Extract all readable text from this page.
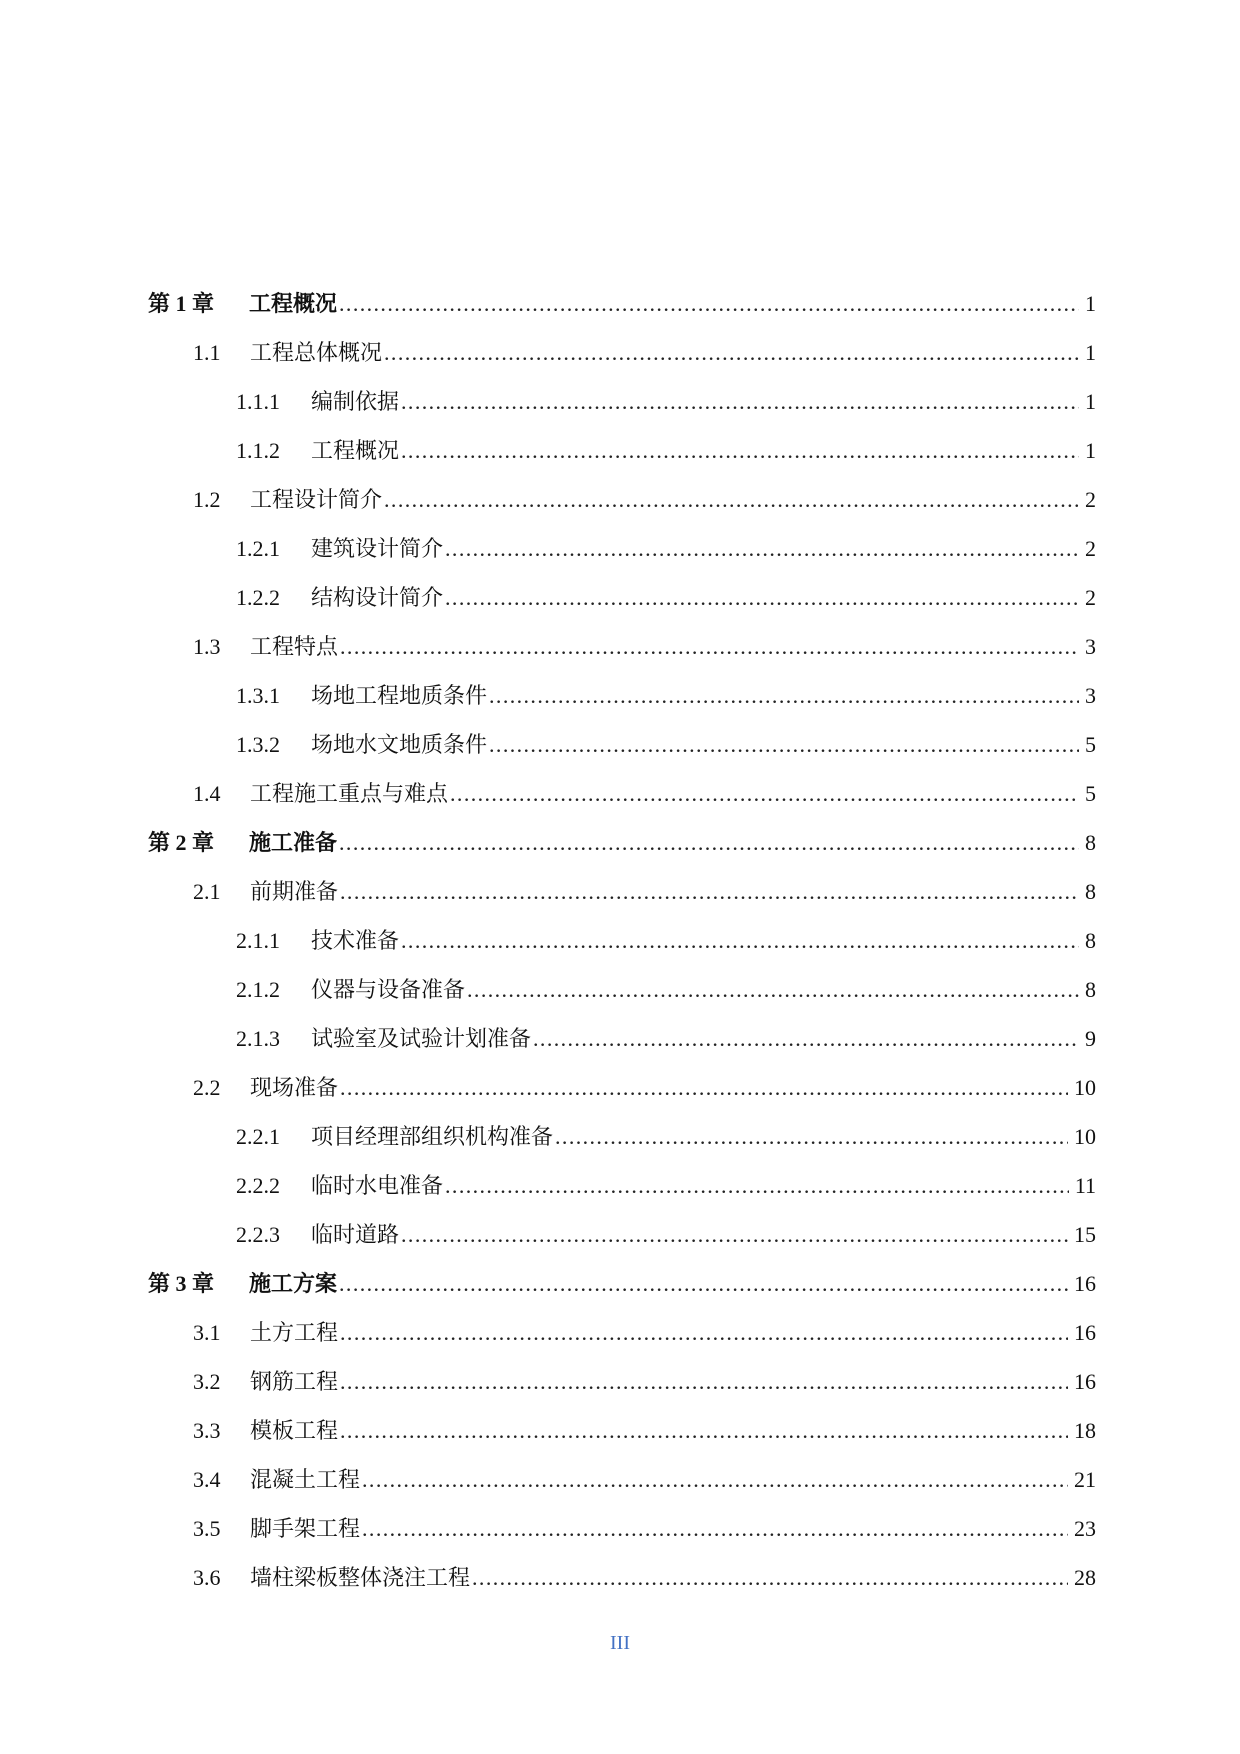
第 1 章 工程概况 .....	1
1.1 工程总体概况 .....	1
1.1.1 编制依据 .....	1
1.1.2 工程概况 .....	1
1.2 工程设计简介 .....	2
1.2.1 建筑设计简介 .....	2
1.2.2 结构设计简介 .....	2
1.3 工程特点 .....	3
1.3.1 场地工程地质条件 .....	3
1.3.2 场地水文地质条件 .....	5
1.4 工程施工重点与难点 .....	5
第 2 章 施工准备 .....	8
2.1 前期准备 .....	8
2.1.1 技术准备 .....	8
2.1.2 仪器与设备准备 .....	8
2.1.3 试验室及试验计划准备 .....	9
2.2 现场准备 .....	10
2.2.1 项目经理部组织机构准备 .....	10
2.2.2 临时水电准备 .....	11
2.2.3 临时道路 .....	15
第 3 章 施工方案 .....	16
3.1 土方工程 .....	16
3.2 钢筋工程 .....	16
3.3 模板工程 .....	18
3.4 混凝土工程 .....	21
3.5 脚手架工程 .....	23
3.6 墙柱梁板整体浇注工程 .....	28
III
